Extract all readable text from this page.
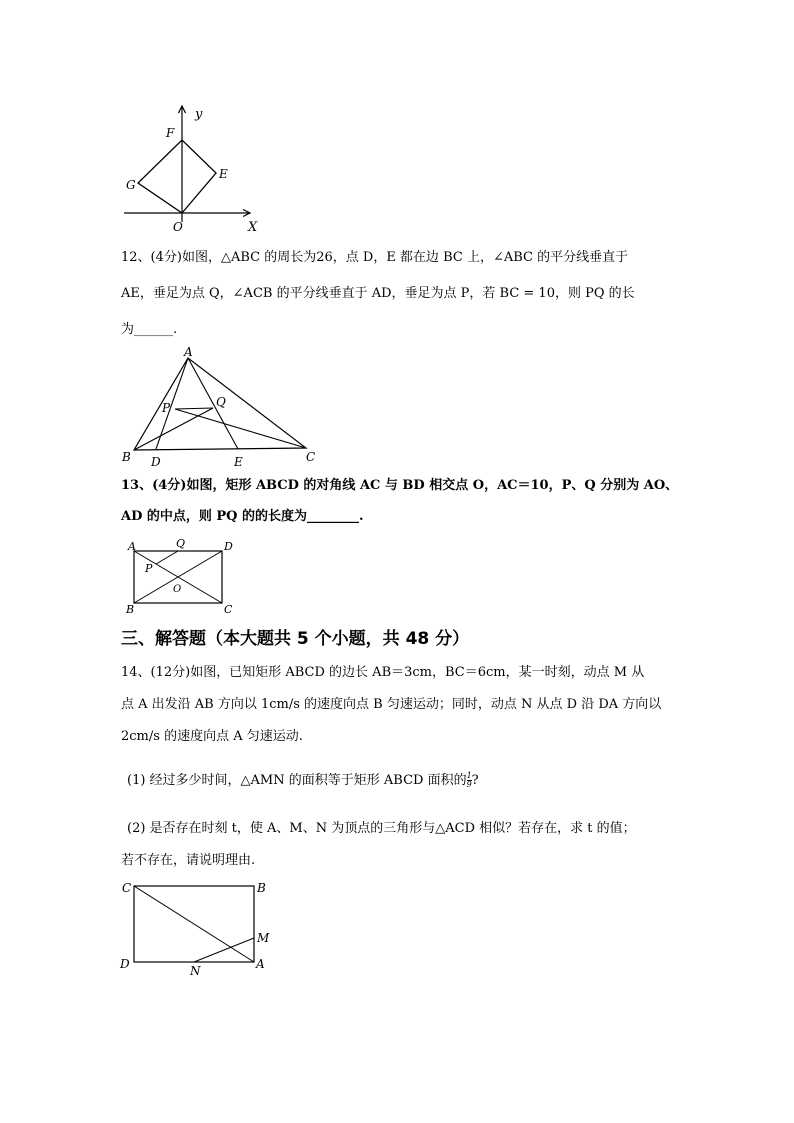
y
X
O
F
G
E
12、(4分)如图，△ABC 的周长为26，点 D，E 都在边 BC 上，∠ABC 的平分线垂直于
AE，垂足为点 Q，∠ACB 的平分线垂直于 AD，垂足为点 P，若 BC = 10，则 PQ 的长
为______.
A
B	C
D	E
P	Q
13、(4分)如图，矩形 ABCD 的对角线 AC 与 BD 相交点 O，AC＝10，P、Q 分别为 AO、
AD 的中点，则 PQ 的的长度为________.
A	Q	D
P
O
B	C
三、解答题（本大题共 5 个小题，共 48 分）
14、(12分)如图，已知矩形 ABCD 的边长 AB＝3cm，BC＝6cm，某一时刻，动点 M 从
点 A 出发沿 AB 方向以 1cm/s 的速度向点 B 匀速运动；同时，动点 N 从点 D 沿 DA 方向以
2cm/s 的速度向点 A 匀速运动.
(1) 经过多少时间，△AMN 的面积等于矩形 ABCD 面积的 $\frac{1}{9}$ ?
(2) 是否存在时刻 t，使 A、M、N 为顶点的三角形与△ACD 相似？若存在，求 t 的值；
若不存在，请说明理由.
C	B
M
D	N	A
